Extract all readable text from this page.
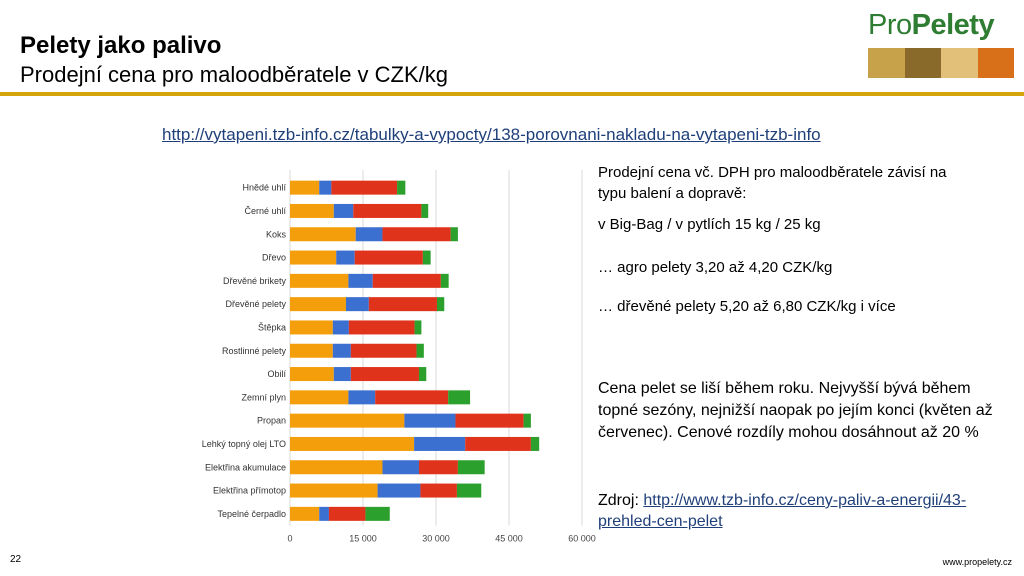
Pelety jako palivo
Prodejní cena pro maloodběratele v CZK/kg
ProPelety
http://vytapeni.tzb-info.cz/tabulky-a-vypocty/138-porovnani-nakladu-na-vytapeni-tzb-info
Hnědé uhlí
Černé uhlí
Koks
Dřevo
Dřevěné brikety
Dřevěné pelety
Štěpka
Rostlinné pelety
Obilí
Zemní plyn
Propan
Lehký topný olej LTO
Elektřina akumulace
Elektřina přímotop
Tepelné čerpadlo
0	15 000	30 000	45 000	60 000
Prodejní cena vč. DPH pro maloodběratele závisí na typu balení a dopravě:
v Big-Bag / v pytlích 15 kg / 25 kg
… agro pelety 3,20 až 4,20 CZK/kg
… dřevěné pelety 5,20 až 6,80 CZK/kg i více
Cena pelet se liší během roku. Nejvyšší bývá během topné sezóny, nejnižší naopak po jejím konci (květen až červenec). Cenové rozdíly mohou dosáhnout až 20 %
Zdroj: http://www.tzb-info.cz/ceny-paliv-a-energii/43-prehled-cen-pelet
22	www.propelety.cz
